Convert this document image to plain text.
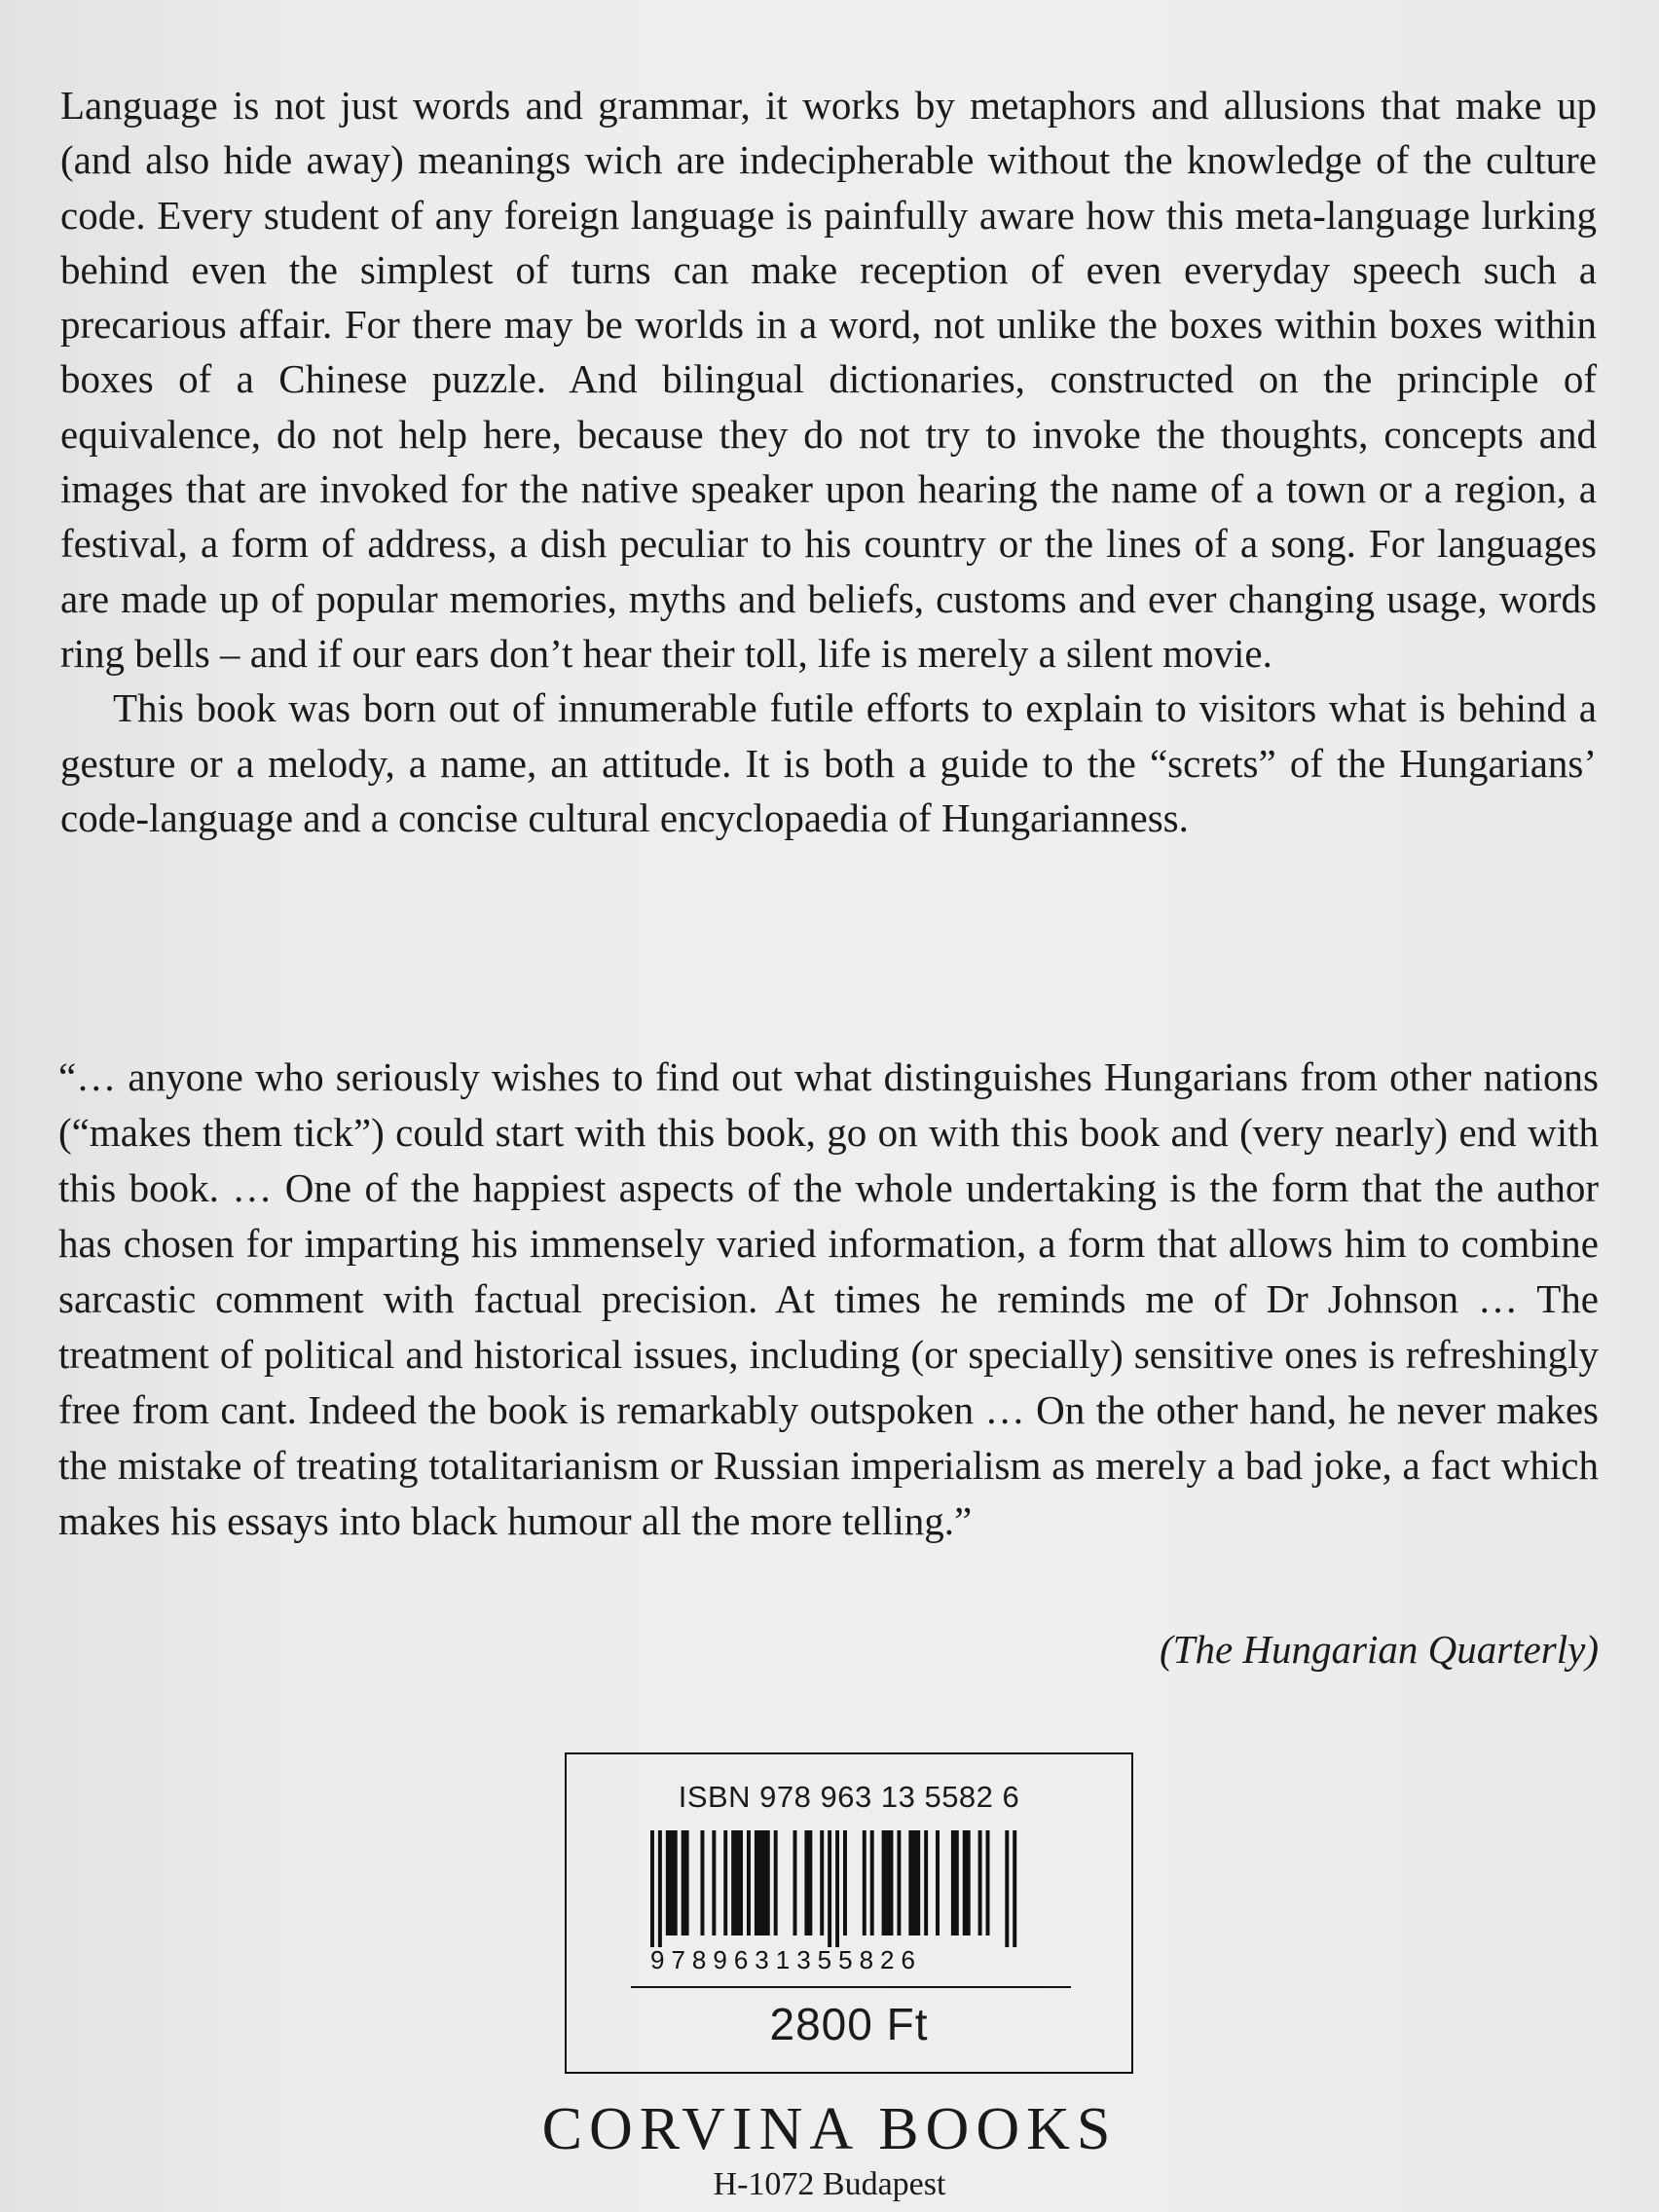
Language is not just words and grammar, it works by metaphors and allusions that make up (and also hide away) meanings wich are indecipherable without the knowledge of the culture code. Every student of any foreign language is painfully aware how this meta-language lurking behind even the simplest of turns can make reception of even everyday speech such a precarious affair. For there may be worlds in a word, not unlike the boxes within boxes within boxes of a Chinese puzzle. And bilingual dictionaries, constructed on the principle of equivalence, do not help here, because they do not try to invoke the thoughts, concepts and images that are invoked for the native speaker upon hearing the name of a town or a region, a festival, a form of address, a dish peculiar to his country or the lines of a song. For languages are made up of popular memories, myths and beliefs, customs and ever changing usage, words ring bells – and if our ears don’t hear their toll, life is merely a silent movie.

This book was born out of innumerable futile efforts to explain to visitors what is behind a gesture or a melody, a name, an attitude. It is both a guide to the “screts” of the Hungarians’ code-language and a concise cultural encyclopaedia of Hungarianness.

“… anyone who seriously wishes to find out what distinguishes Hungarians from other nations (“makes them tick”) could start with this book, go on with this book and (very nearly) end with this book. … One of the happiest aspects of the whole undertaking is the form that the author has chosen for imparting his immensely varied information, a form that allows him to combine sarcastic comment with factual precision. At times he reminds me of Dr Johnson … The treatment of political and historical issues, including (or specially) sensitive ones is refreshingly free from cant. Indeed the book is remarkably outspoken … On the other hand, he never makes the mistake of treating totalitarianism or Russian imperialism as merely a bad joke, a fact which makes his essays into black humour all the more telling.”

(The Hungarian Quarterly)
ISBN 978 963 13 5582 6
9789631355826
2800 Ft
CORVINA BOOKS
H-1072 Budapest
